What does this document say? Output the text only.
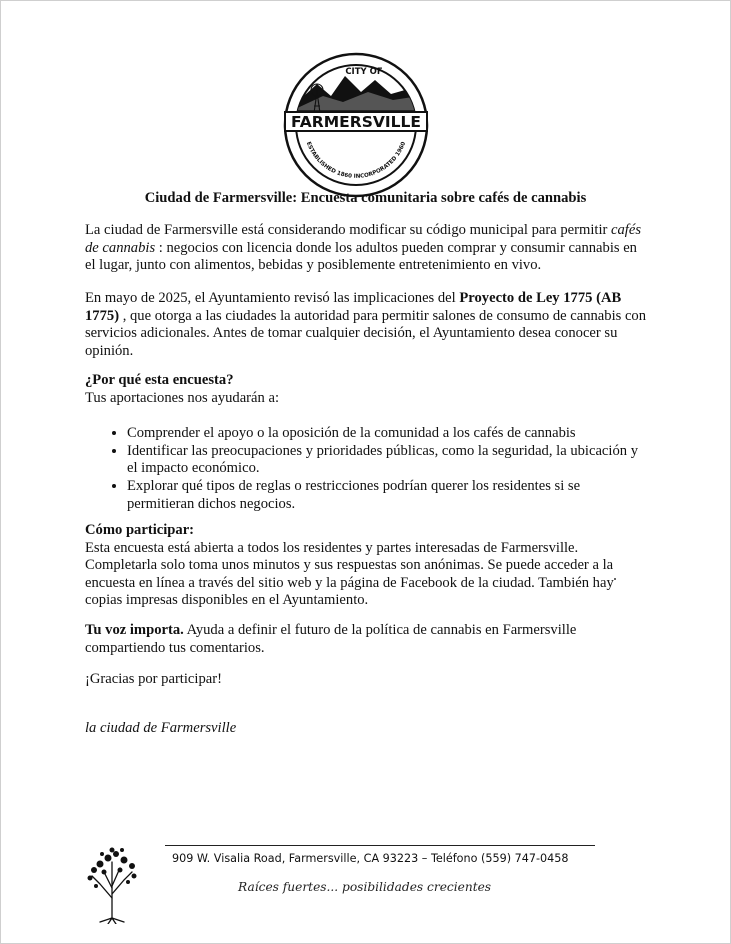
CITY OF
FARMERSVILLE
ESTABLISHED 1860 INCORPORATED 1960
Ciudad de Farmersville: Encuesta comunitaria sobre cafés de cannabis

La ciudad de Farmersville está considerando modificar su código municipal para permitir cafés de cannabis : negocios con licencia donde los adultos pueden comprar y consumir cannabis en el lugar, junto con alimentos, bebidas y posiblemente entretenimiento en vivo.

En mayo de 2025, el Ayuntamiento revisó las implicaciones del Proyecto de Ley 1775 (AB 1775) , que otorga a las ciudades la autoridad para permitir salones de consumo de cannabis con servicios adicionales. Antes de tomar cualquier decisión, el Ayuntamiento desea conocer su opinión.

¿Por qué esta encuesta?

Tus aportaciones nos ayudarán a:

• Comprender el apoyo o la oposición de la comunidad a los cafés de cannabis
• Identificar las preocupaciones y prioridades públicas, como la seguridad, la ubicación y el impacto económico.
• Explorar qué tipos de reglas o restricciones podrían querer los residentes si se permitieran dichos negocios.

Cómo participar:

Esta encuesta está abierta a todos los residentes y partes interesadas de Farmersville. Completarla solo toma unos minutos y sus respuestas son anónimas. Se puede acceder a la encuesta en línea a través del sitio web y la página de Facebook de la ciudad. También hay copias impresas disponibles en el Ayuntamiento.

Tu voz importa. Ayuda a definir el futuro de la política de cannabis en Farmersville compartiendo tus comentarios.

¡Gracias por participar!
la ciudad de Farmersville
909 W. Visalia Road, Farmersville, CA 93223 – Teléfono (559) 747-0458
Raíces fuertes... posibilidades crecientes
